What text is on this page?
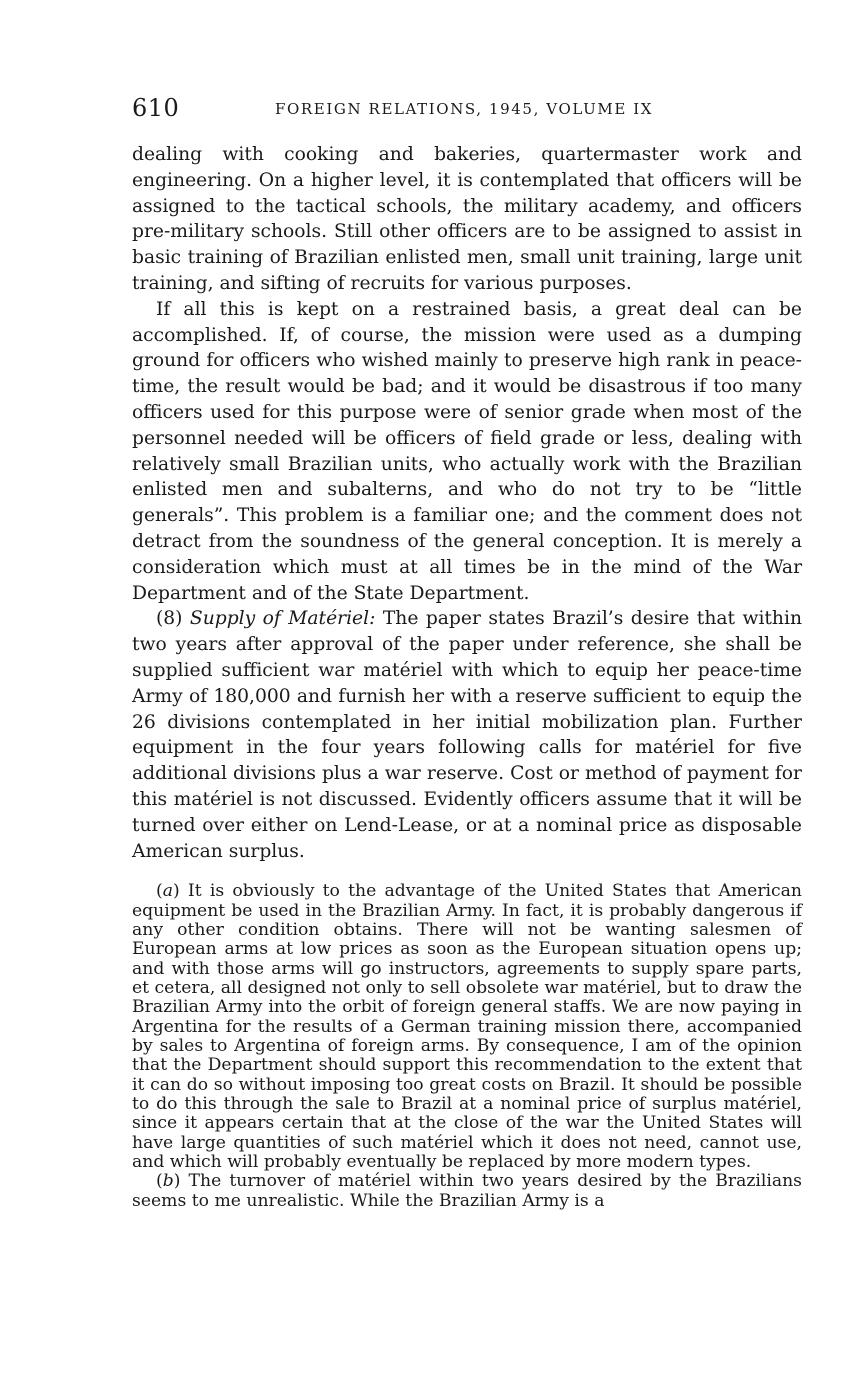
610	FOREIGN RELATIONS, 1945, VOLUME IX

dealing with cooking and bakeries, quartermaster work and engineering. On a higher level, it is contemplated that officers will be assigned to the tactical schools, the military academy, and officers pre-military schools. Still other officers are to be assigned to assist in basic training of Brazilian enlisted men, small unit training, large unit training, and sifting of recruits for various purposes.

If all this is kept on a restrained basis, a great deal can be accomplished. If, of course, the mission were used as a dumping ground for officers who wished mainly to preserve high rank in peace-time, the result would be bad; and it would be disastrous if too many officers used for this purpose were of senior grade when most of the personnel needed will be officers of field grade or less, dealing with relatively small Brazilian units, who actually work with the Brazilian enlisted men and subalterns, and who do not try to be “little generals”. This problem is a familiar one; and the comment does not detract from the soundness of the general conception. It is merely a consideration which must at all times be in the mind of the War Department and of the State Department.

(8) Supply of Matériel: The paper states Brazil’s desire that within two years after approval of the paper under reference, she shall be supplied sufficient war matériel with which to equip her peace-time Army of 180,000 and furnish her with a reserve sufficient to equip the 26 divisions contemplated in her initial mobilization plan. Further equipment in the four years following calls for matériel for five additional divisions plus a war reserve. Cost or method of payment for this matériel is not discussed. Evidently officers assume that it will be turned over either on Lend-Lease, or at a nominal price as disposable American surplus.

(a) It is obviously to the advantage of the United States that American equipment be used in the Brazilian Army. In fact, it is probably dangerous if any other condition obtains. There will not be wanting salesmen of European arms at low prices as soon as the European situation opens up; and with those arms will go instructors, agreements to supply spare parts, et cetera, all designed not only to sell obsolete war matériel, but to draw the Brazilian Army into the orbit of foreign general staffs. We are now paying in Argentina for the results of a German training mission there, accompanied by sales to Argentina of foreign arms. By consequence, I am of the opinion that the Department should support this recommendation to the extent that it can do so without imposing too great costs on Brazil. It should be possible to do this through the sale to Brazil at a nominal price of surplus matériel, since it appears certain that at the close of the war the United States will have large quantities of such matériel which it does not need, cannot use, and which will probably eventually be replaced by more modern types.

(b) The turnover of matériel within two years desired by the Brazilians seems to me unrealistic. While the Brazilian Army is a
